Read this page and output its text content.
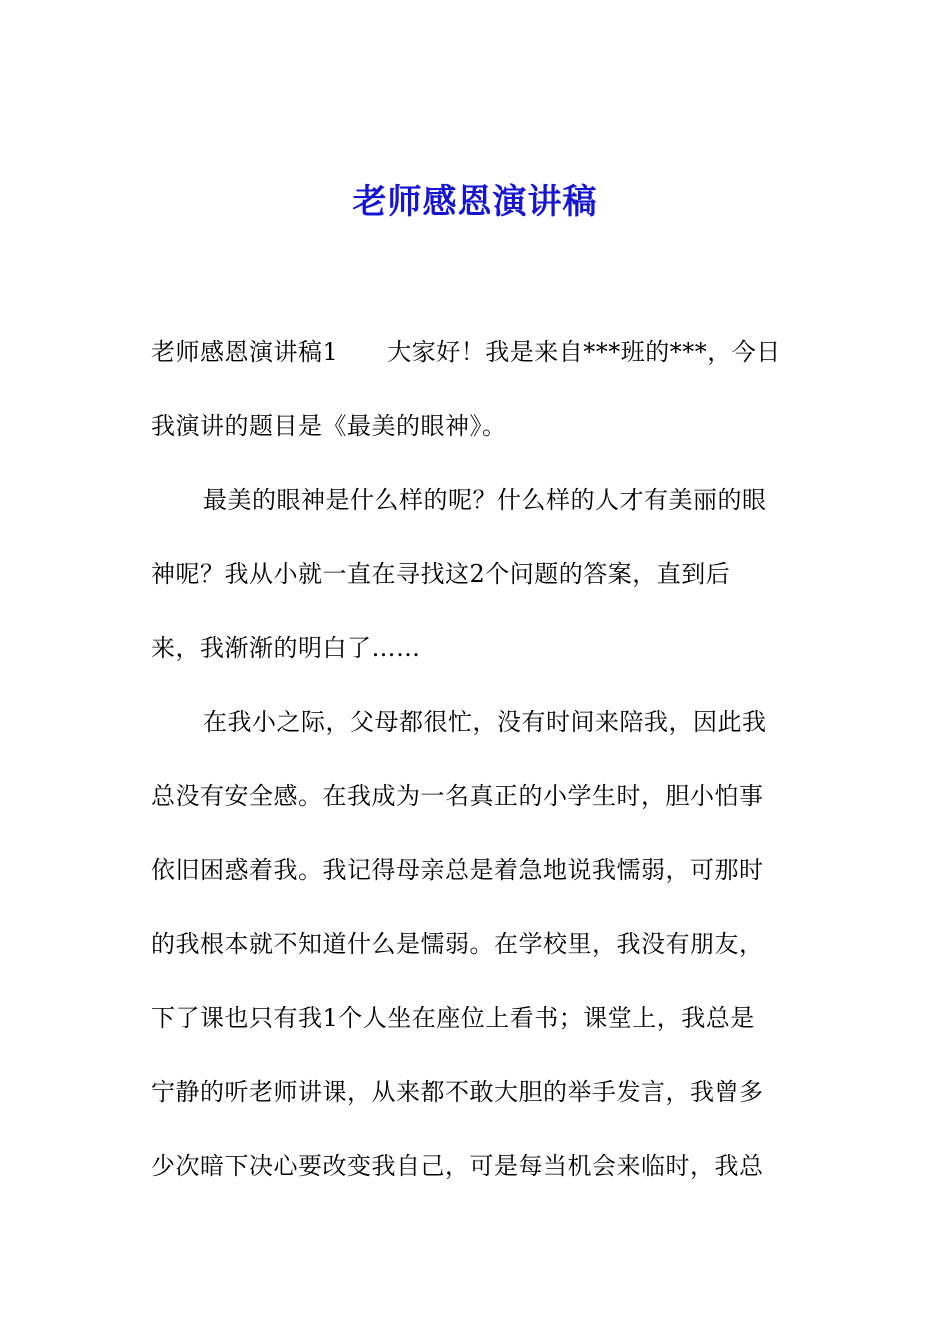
老师感恩演讲稿
老师感恩演讲稿1　　大家好！我是来自***班的***，今日
我演讲的题目是《最美的眼神》。
最美的眼神是什么样的呢？什么样的人才有美丽的眼
神呢？我从小就一直在寻找这2个问题的答案，直到后
来，我渐渐的明白了……
在我小之际，父母都很忙，没有时间来陪我，因此我
总没有安全感。在我成为一名真正的小学生时，胆小怕事
依旧困惑着我。我记得母亲总是着急地说我懦弱，可那时
的我根本就不知道什么是懦弱。在学校里，我没有朋友，
下了课也只有我1个人坐在座位上看书；课堂上，我总是
宁静的听老师讲课，从来都不敢大胆的举手发言，我曾多
少次暗下决心要改变我自己，可是每当机会来临时，我总
